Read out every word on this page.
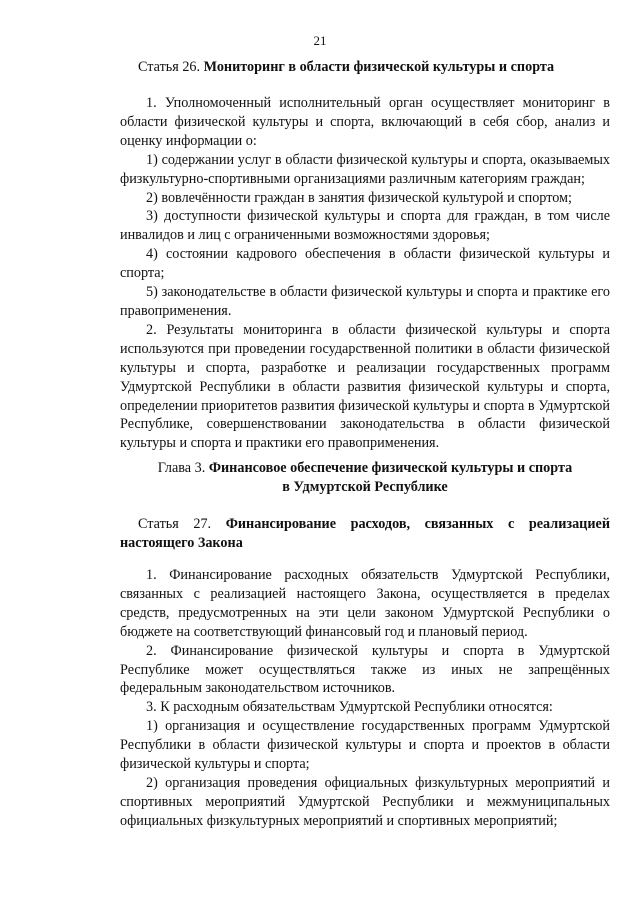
21

Статья 26. Мониторинг в области физической культуры и спорта

1. Уполномоченный исполнительный орган осуществляет мониторинг в области физической культуры и спорта, включающий в себя сбор, анализ и оценку информации о:

1) содержании услуг в области физической культуры и спорта, оказываемых физкультурно-спортивными организациями различным категориям граждан;

2) вовлечённости граждан в занятия физической культурой и спортом;

3) доступности физической культуры и спорта для граждан, в том числе инвалидов и лиц с ограниченными возможностями здоровья;

4) состоянии кадрового обеспечения в области физической культуры и спорта;

5) законодательстве в области физической культуры и спорта и практике его правоприменения.

2. Результаты мониторинга в области физической культуры и спорта используются при проведении государственной политики в области физической культуры и спорта, разработке и реализации государственных программ Удмуртской Республики в области развития физической культуры и спорта, определении приоритетов развития физической культуры и спорта в Удмуртской Республике, совершенствовании законодательства в области физической культуры и спорта и практики его правоприменения.

Глава 3. Финансовое обеспечение физической культуры и спорта

в Удмуртской Республике

Статья 27. Финансирование расходов, связанных с реализацией настоящего Закона

1. Финансирование расходных обязательств Удмуртской Республики, связанных с реализацией настоящего Закона, осуществляется в пределах средств, предусмотренных на эти цели законом Удмуртской Республики о бюджете на соответствующий финансовый год и плановый период.

2. Финансирование физической культуры и спорта в Удмуртской Республике может осуществляться также из иных не запрещённых федеральным законодательством источников.

3. К расходным обязательствам Удмуртской Республики относятся:

1) организация и осуществление государственных программ Удмуртской Республики в области физической культуры и спорта и проектов в области физической культуры и спорта;

2) организация проведения официальных физкультурных мероприятий и спортивных мероприятий Удмуртской Республики и межмуниципальных официальных физкультурных мероприятий и спортивных мероприятий;
